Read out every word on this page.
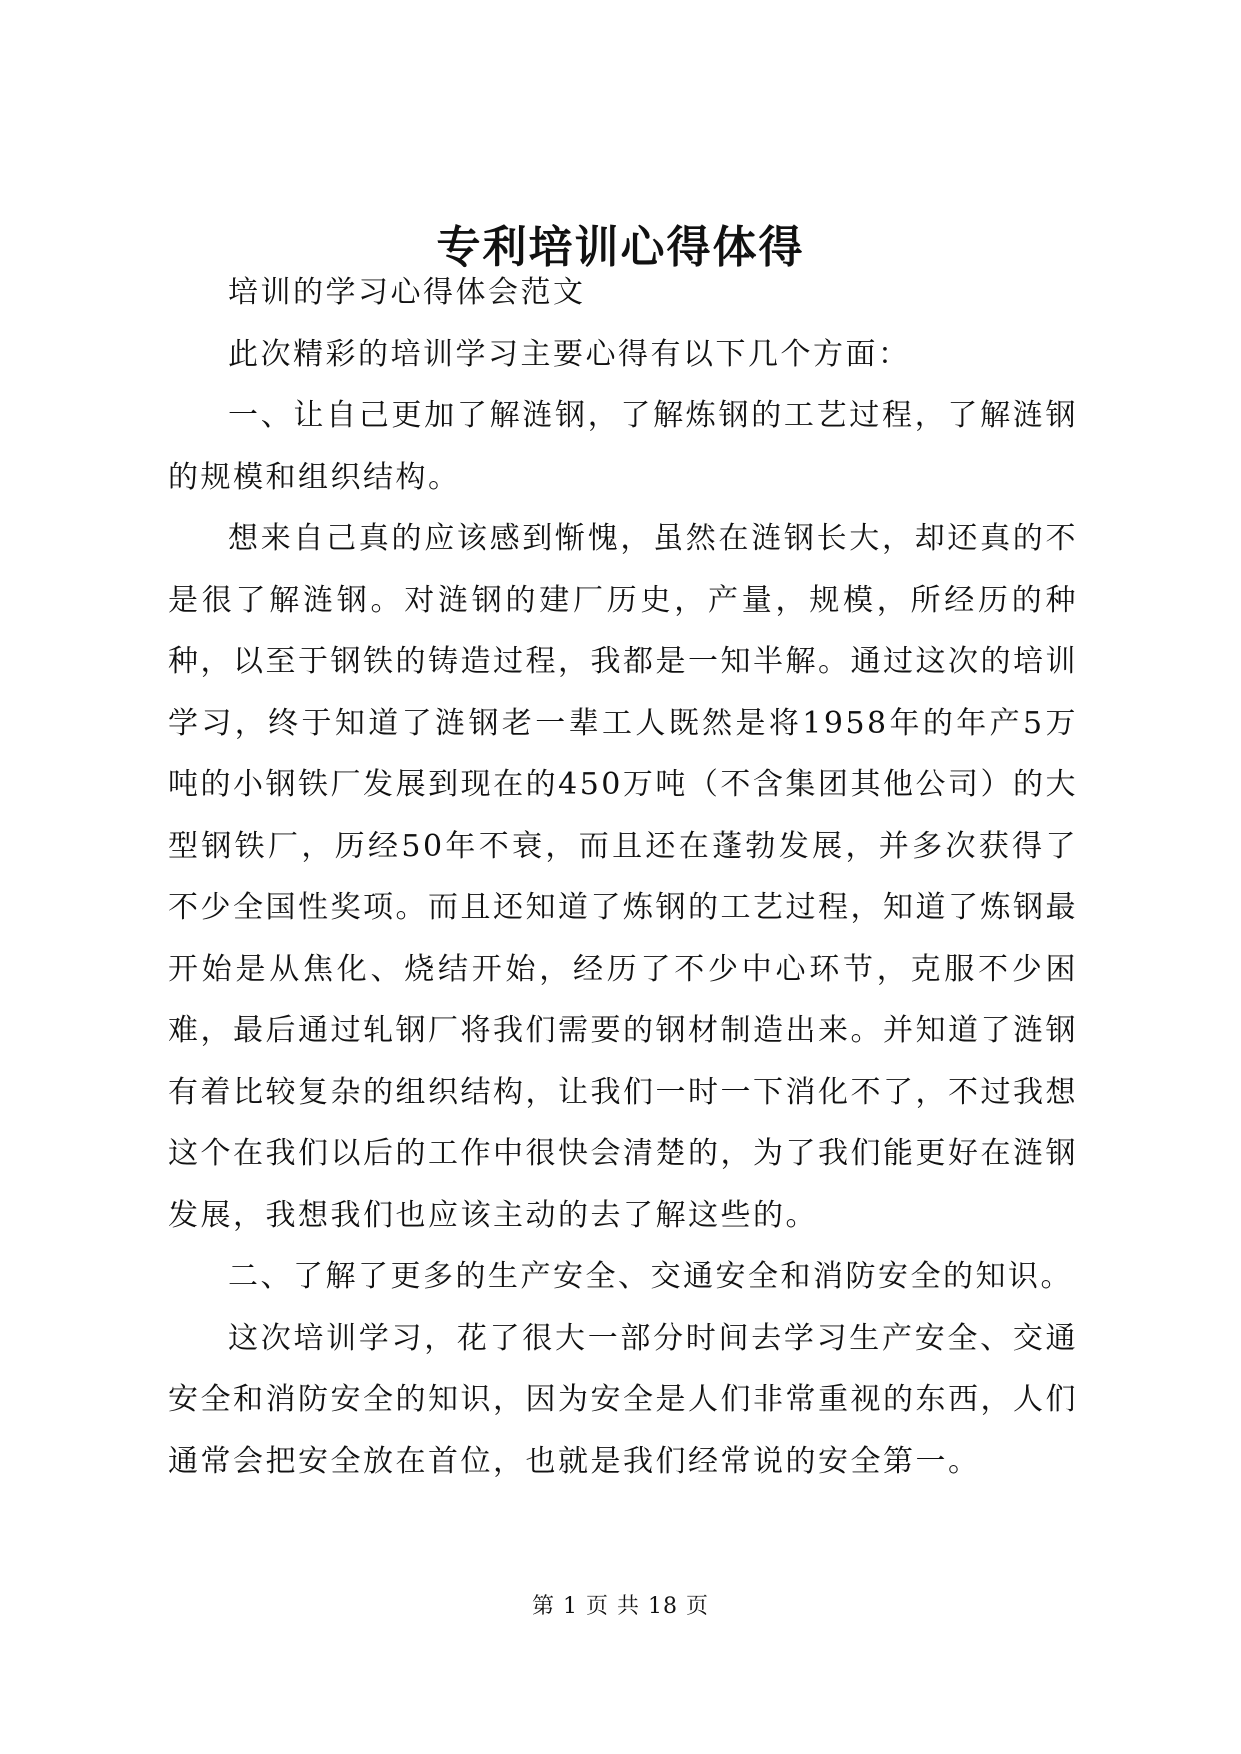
专利培训心得体得

培训的学习心得体会范文

此次精彩的培训学习主要心得有以下几个方面：

一、让自己更加了解涟钢，了解炼钢的工艺过程，了解涟钢的规模和组织结构。

想来自己真的应该感到惭愧，虽然在涟钢长大，却还真的不是很了解涟钢。对涟钢的建厂历史，产量，规模，所经历的种种，以至于钢铁的铸造过程，我都是一知半解。通过这次的培训学习，终于知道了涟钢老一辈工人既然是将1958年的年产5万吨的小钢铁厂发展到现在的450万吨（不含集团其他公司）的大型钢铁厂，历经50年不衰，而且还在蓬勃发展，并多次获得了不少全国性奖项。而且还知道了炼钢的工艺过程，知道了炼钢最开始是从焦化、烧结开始，经历了不少中心环节，克服不少困难，最后通过轧钢厂将我们需要的钢材制造出来。并知道了涟钢有着比较复杂的组织结构，让我们一时一下消化不了，不过我想这个在我们以后的工作中很快会清楚的，为了我们能更好在涟钢发展，我想我们也应该主动的去了解这些的。

二、了解了更多的生产安全、交通安全和消防安全的知识。

这次培训学习，花了很大一部分时间去学习生产安全、交通安全和消防安全的知识，因为安全是人们非常重视的东西，人们通常会把安全放在首位，也就是我们经常说的安全第一。

第 1 页 共 18 页
